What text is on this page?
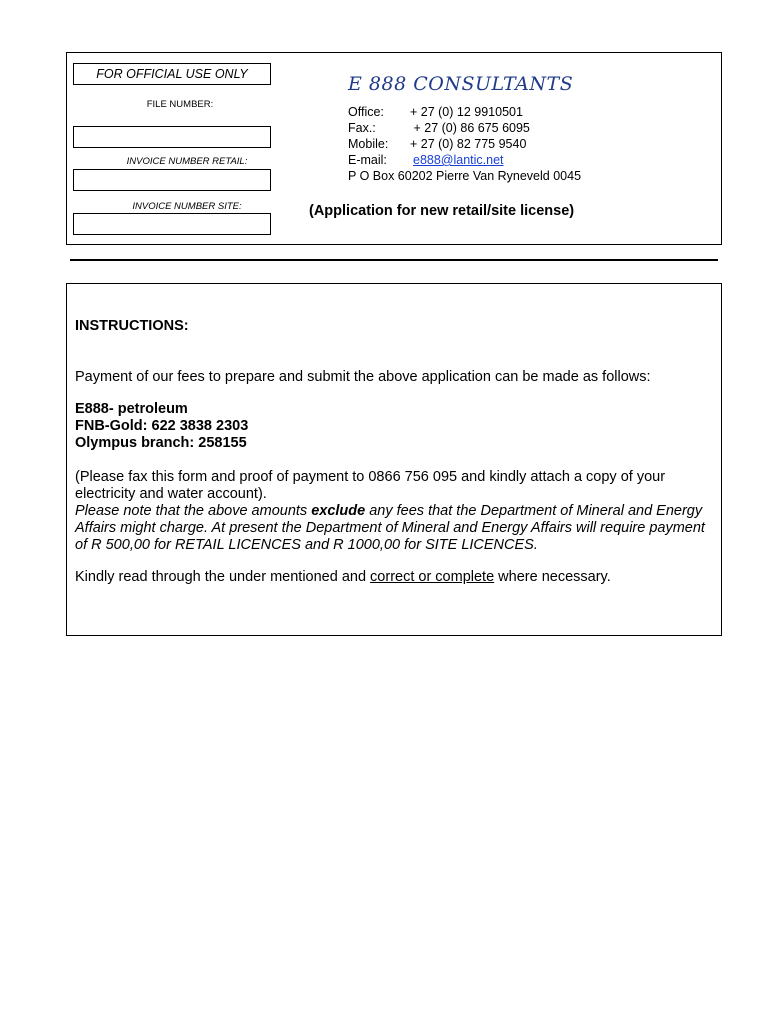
FOR OFFICIAL USE ONLY
FILE NUMBER:
INVOICE NUMBER RETAIL:
INVOICE NUMBER SITE:
E 888 CONSULTANTS
Office:	+ 27 (0) 12 9910501
Fax.:	+ 27 (0) 86 675 6095
Mobile:	+ 27 (0) 82 775 9540
E-mail:	e888@lantic.net
P O Box 60202 Pierre Van Ryneveld 0045
(Application for new retail/site license)

INSTRUCTIONS:

Payment of our fees to prepare and submit the above application can be made as follows:

E888- petroleum

FNB-Gold: 622 3838 2303

Olympus branch: 258155

(Please fax this form and proof of payment to 0866 756 095 and kindly attach a copy of your electricity and water account).
Please note that the above amounts exclude any fees that the Department of Mineral and Energy Affairs might charge. At present the Department of Mineral and Energy Affairs will require payment of R 500,00 for RETAIL LICENCES and R 1000,00 for SITE LICENCES.

Kindly read through the under mentioned and correct or complete where necessary.
